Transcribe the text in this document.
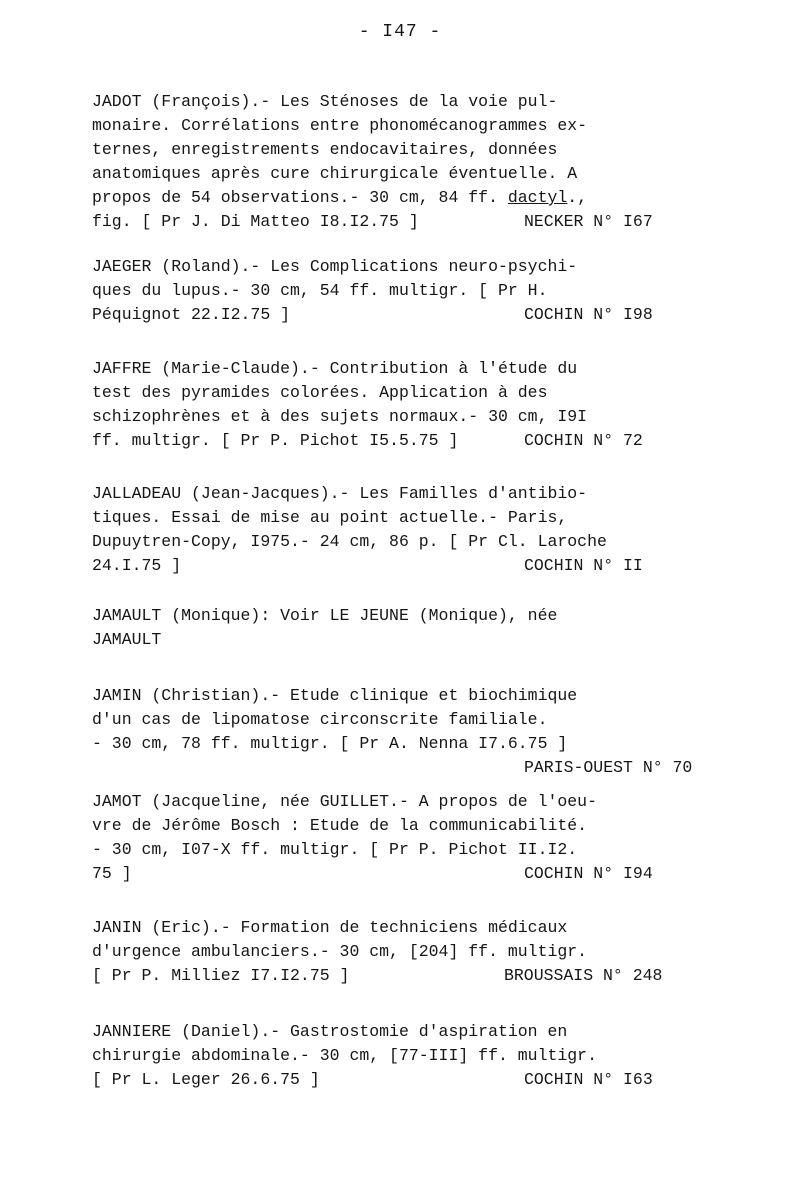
- I47 -
JADOT (François).- Les Sténoses de la voie pul-
monaire. Corrélations entre phonomécanogrammes ex-
ternes, enregistrements endocavitaires, données
anatomiques après cure chirurgicale éventuelle. A
propos de 54 observations.- 30 cm, 84 ff. dactyl.,
fig. [ Pr J. Di Matteo I8.I2.75 ]	NECKER N° I67
JAEGER (Roland).- Les Complications neuro-psychi-
ques du lupus.- 30 cm, 54 ff. multigr. [ Pr H.
Péquignot 22.I2.75 ]	COCHIN N° I98
JAFFRE (Marie-Claude).- Contribution à l'étude du
test des pyramides colorées. Application à des
schizophrènes et à des sujets normaux.- 30 cm, I9I
ff. multigr. [ Pr P. Pichot I5.5.75 ]	COCHIN N° 72
JALLADEAU (Jean-Jacques).- Les Familles d'antibio-
tiques. Essai de mise au point actuelle.- Paris,
Dupuytren-Copy, I975.- 24 cm, 86 p. [ Pr Cl. Laroche
24.I.75 ]	COCHIN N° II
JAMAULT (Monique): Voir LE JEUNE (Monique), née
JAMAULT
JAMIN (Christian).- Etude clinique et biochimique
d'un cas de lipomatose circonscrite familiale.
- 30 cm, 78 ff. multigr. [ Pr A. Nenna I7.6.75 ]
PARIS-OUEST N° 70
JAMOT (Jacqueline, née GUILLET.- A propos de l'oeu-
vre de Jérôme Bosch : Etude de la communicabilité.
- 30 cm, I07-X ff. multigr. [ Pr P. Pichot II.I2.
75 ]	COCHIN N° I94
JANIN (Eric).- Formation de techniciens médicaux
d'urgence ambulanciers.- 30 cm, [204] ff. multigr.
[ Pr P. Milliez I7.I2.75 ]	BROUSSAIS N° 248
JANNIERE (Daniel).- Gastrostomie d'aspiration en
chirurgie abdominale.- 30 cm, [77-III] ff. multigr.
[ Pr L. Leger 26.6.75 ]	COCHIN N° I63
